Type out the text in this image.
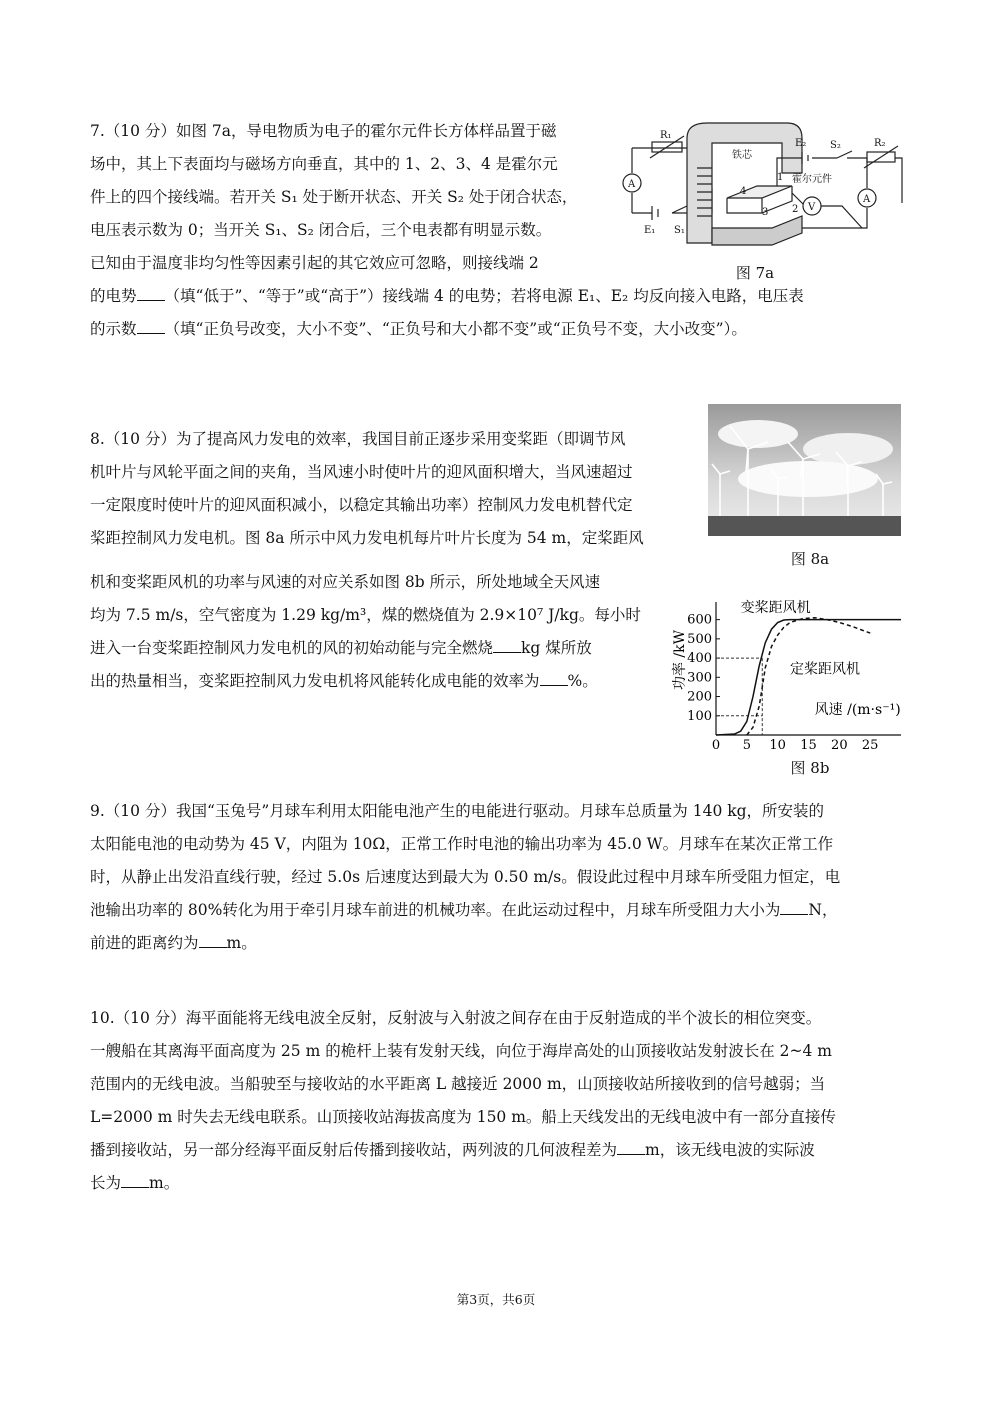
7.（10 分）如图 7a，导电物质为电子的霍尔元件长方体样品置于磁
场中，其上下表面均与磁场方向垂直，其中的 1、2、3、4 是霍尔元
件上的四个接线端。若开关 S₁ 处于断开状态、开关 S₂ 处于闭合状态，
电压表示数为 0；当开关 S₁、S₂ 闭合后，三个电表都有明显示数。
已知由于温度非均匀性等因素引起的其它效应可忽略，则接线端 2
的电势 （填“低于”、“等于”或“高于”）接线端 4 的电势；若将电源 E₁、E₂ 均反向接入电路，电压表
的示数 （填“正负号改变，大小不变”、“正负号和大小都不变”或“正负号不变，大小改变”）。
R₁
A
E₁ S₁
铁芯
霍尔元件
E₂ S₂	R₂
V
A
1
2
3
4
图 7a
8.（10 分）为了提高风力发电的效率，我国目前正逐步采用变桨距（即调节风
机叶片与风轮平面之间的夹角，当风速小时使叶片的迎风面积增大，当风速超过
一定限度时使叶片的迎风面积减小，以稳定其输出功率）控制风力发电机替代定
桨距控制风力发电机。图 8a 所示中风力发电机每片叶片长度为 54 m，定桨距风
机和变桨距风机的功率与风速的对应关系如图 8b 所示，所处地域全天风速
均为 7.5 m/s，空气密度为 1.29 kg/m³，煤的燃烧值为 2.9×10⁷ J/kg。每小时
进入一台变桨距控制风力发电机的风的初始动能与完全燃烧 kg 煤所放
出的热量相当，变桨距控制风力发电机将风能转化成电能的效率为 %。
图 8a
0 5 10 15 20 25
100
200
300
400
500
600
功率 /kW
风速 /(m·s⁻¹)
变桨距风机
定桨距风机
图 8b
9.（10 分）我国“玉兔号”月球车利用太阳能电池产生的电能进行驱动。月球车总质量为 140 kg，所安装的
太阳能电池的电动势为 45 V，内阻为 10Ω，正常工作时电池的输出功率为 45.0 W。月球车在某次正常工作
时，从静止出发沿直线行驶，经过 5.0s 后速度达到最大为 0.50 m/s。假设此过程中月球车所受阻力恒定，电
池输出功率的 80%转化为用于牵引月球车前进的机械功率。在此运动过程中，月球车所受阻力大小为 N，
前进的距离约为 m。
10.（10 分）海平面能将无线电波全反射，反射波与入射波之间存在由于反射造成的半个波长的相位突变。
一艘船在其离海平面高度为 25 m 的桅杆上装有发射天线，向位于海岸高处的山顶接收站发射波长在 2~4 m
范围内的无线电波。当船驶至与接收站的水平距离 L 越接近 2000 m，山顶接收站所接收到的信号越弱；当
L=2000 m 时失去无线电联系。山顶接收站海拔高度为 150 m。船上天线发出的无线电波中有一部分直接传
播到接收站，另一部分经海平面反射后传播到接收站，两列波的几何波程差为 m，该无线电波的实际波
长为 m。
第3页，共6页
